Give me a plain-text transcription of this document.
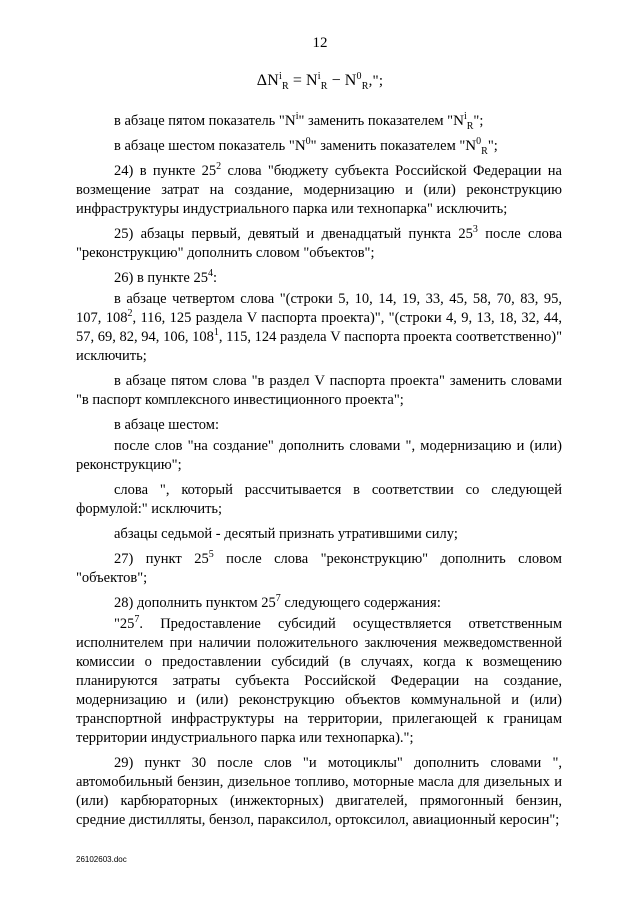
12
$\Delta N^i_R = N^i_R - N^0_R$,";

в абзаце пятом показатель "$N^i$" заменить показателем "$N^i_R$";

в абзаце шестом показатель "$N^0$" заменить показателем "$N^0_R$";

24) в пункте $25^2$ слова "бюджету субъекта Российской Федерации на возмещение затрат на создание, модернизацию и (или) реконструкцию инфраструктуры индустриального парка или технопарка" исключить;

25) абзацы первый, девятый и двенадцатый пункта $25^3$ после слова "реконструкцию" дополнить словом "объектов";

26) в пункте $25^4$:

в абзаце четвертом слова "(строки 5, 10, 14, 19, 33, 45, 58, 70, 83, 95, 107, $108^2$, 116, 125 раздела V паспорта проекта)", "(строки 4, 9, 13, 18, 32, 44, 57, 69, 82, 94, 106, $108^1$, 115, 124 раздела V паспорта проекта соответственно)" исключить;

в абзаце пятом слова "в раздел V паспорта проекта" заменить словами "в паспорт комплексного инвестиционного проекта";

в абзаце шестом:

после слов "на создание" дополнить словами ", модернизацию и (или) реконструкцию";

слова ", который рассчитывается в соответствии со следующей формулой:" исключить;

абзацы седьмой - десятый признать утратившими силу;

27) пункт $25^5$ после слова "реконструкцию" дополнить словом "объектов";

28) дополнить пунктом $25^7$ следующего содержания:

"$25^7$. Предоставление субсидий осуществляется ответственным исполнителем при наличии положительного заключения межведомственной комиссии о предоставлении субсидий (в случаях, когда к возмещению планируются затраты субъекта Российской Федерации на создание, модернизацию и (или) реконструкцию объектов коммунальной и (или) транспортной инфраструктуры на территории, прилегающей к границам территории индустриального парка или технопарка).";

29) пункт 30 после слов "и мотоциклы" дополнить словами ", автомобильный бензин, дизельное топливо, моторные масла для дизельных и (или) карбюраторных (инжекторных) двигателей, прямогонный бензин, средние дистилляты, бензол, параксилол, ортоксилол, авиационный керосин";

26102603.doc
